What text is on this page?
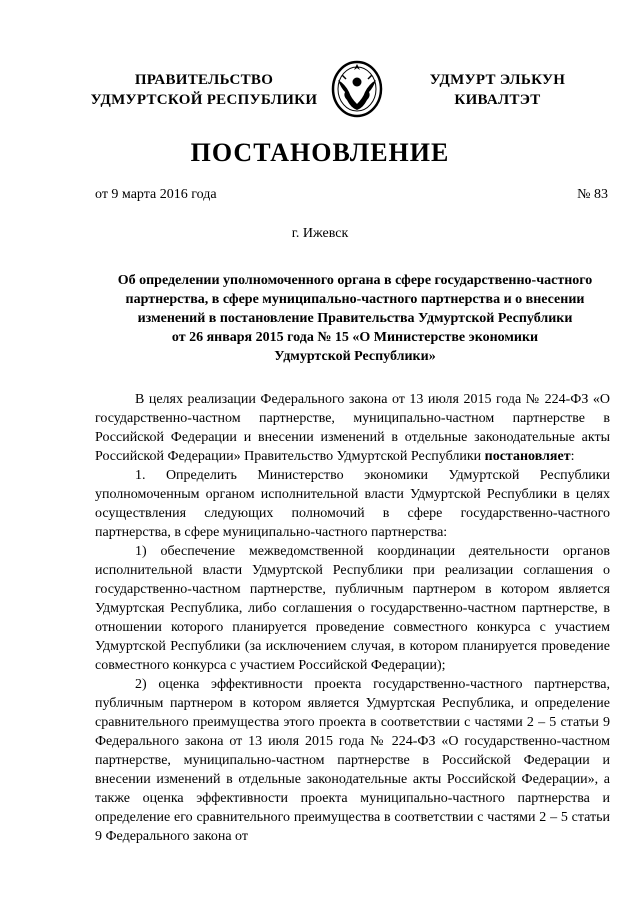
ПРАВИТЕЛЬСТВО
УДМУРТСКОЙ РЕСПУБЛИКИ
УДМУРТ ЭЛЬКУН
КИВАЛТЭТ
ПОСТАНОВЛЕНИЕ
от 9 марта 2016 года	№ 83
г. Ижевск
Об определении уполномоченного органа в сфере государственно-частного
партнерства, в сфере муниципально-частного партнерства и о внесении
изменений в постановление Правительства Удмуртской Республики
от 26 января 2015 года № 15 «О Министерстве экономики
Удмуртской Республики»

В целях реализации Федерального закона от 13 июля 2015 года № 224-ФЗ «О государственно-частном партнерстве, муниципально-частном партнерстве в Российской Федерации и внесении изменений в отдельные законодательные акты Российской Федерации» Правительство Удмуртской Республики постановляет:

1. Определить Министерство экономики Удмуртской Республики уполномоченным органом исполнительной власти Удмуртской Республики в целях осуществления следующих полномочий в сфере государственно-частного партнерства, в сфере муниципально-частного партнерства:

1) обеспечение межведомственной координации деятельности органов исполнительной власти Удмуртской Республики при реализации соглашения о государственно-частном партнерстве, публичным партнером в котором является Удмуртская Республика, либо соглашения о государственно-частном партнерстве, в отношении которого планируется проведение совместного конкурса с участием Удмуртской Республики (за исключением случая, в котором планируется проведение совместного конкурса с участием Российской Федерации);

2) оценка эффективности проекта государственно-частного партнерства, публичным партнером в котором является Удмуртская Республика, и определение сравнительного преимущества этого проекта в соответствии с частями 2 – 5 статьи 9 Федерального закона от 13 июля 2015 года № 224-ФЗ «О государственно-частном партнерстве, муниципально-частном партнерстве в Российской Федерации и внесении изменений в отдельные законодательные акты Российской Федерации», а также оценка эффективности проекта муниципально-частного партнерства и определение его сравнительного преимущества в соответствии с частями 2 – 5 статьи 9 Федерального закона от
